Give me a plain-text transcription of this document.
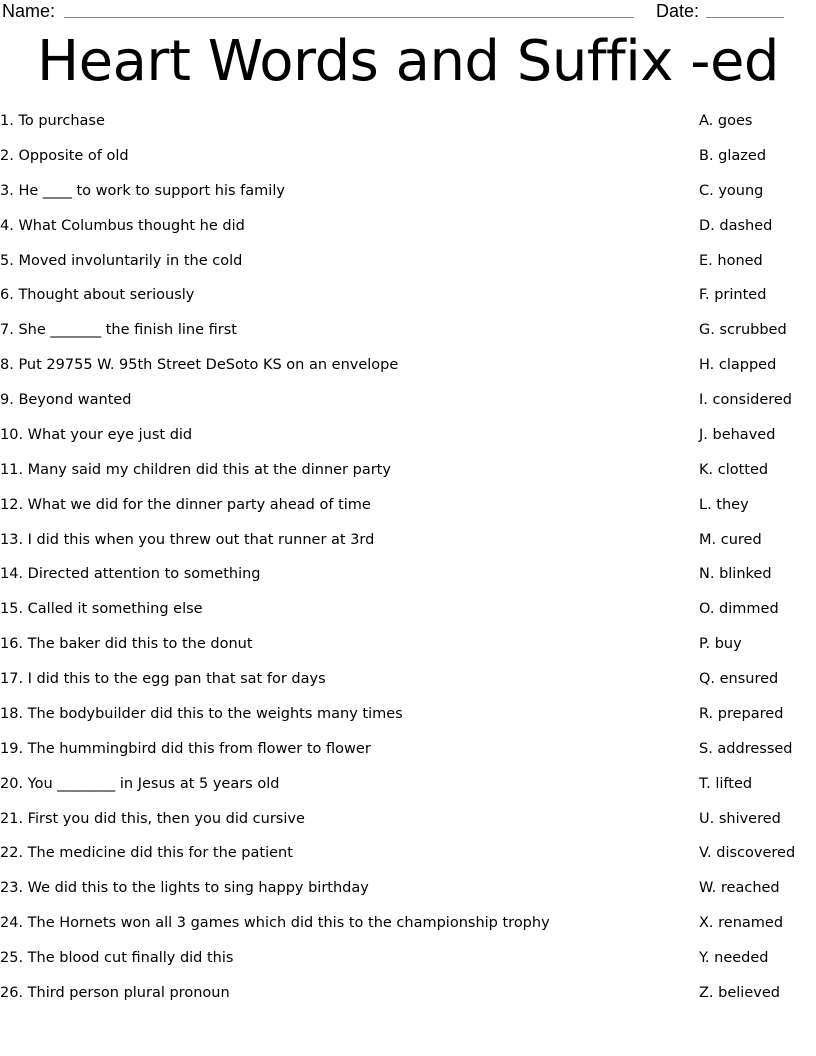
Name:	Date:
Heart Words and Suffix -ed
1. To purchase	A. goes
2. Opposite of old	B. glazed
3. He ____ to work to support his family	C. young
4. What Columbus thought he did	D. dashed
5. Moved involuntarily in the cold	E. honed
6. Thought about seriously	F. printed
7. She _______ the finish line first	G. scrubbed
8. Put 29755 W. 95th Street DeSoto KS on an envelope	H. clapped
9. Beyond wanted	I. considered
10. What your eye just did	J. behaved
11. Many said my children did this at the dinner party	K. clotted
12. What we did for the dinner party ahead of time	L. they
13. I did this when you threw out that runner at 3rd	M. cured
14. Directed attention to something	N. blinked
15. Called it something else	O. dimmed
16. The baker did this to the donut	P. buy
17. I did this to the egg pan that sat for days	Q. ensured
18. The bodybuilder did this to the weights many times	R. prepared
19. The hummingbird did this from flower to flower	S. addressed
20. You ________ in Jesus at 5 years old	T. lifted
21. First you did this, then you did cursive	U. shivered
22. The medicine did this for the patient	V. discovered
23. We did this to the lights to sing happy birthday	W. reached
24. The Hornets won all 3 games which did this to the championship trophy	X. renamed
25. The blood cut finally did this	Y. needed
26. Third person plural pronoun	Z. believed
